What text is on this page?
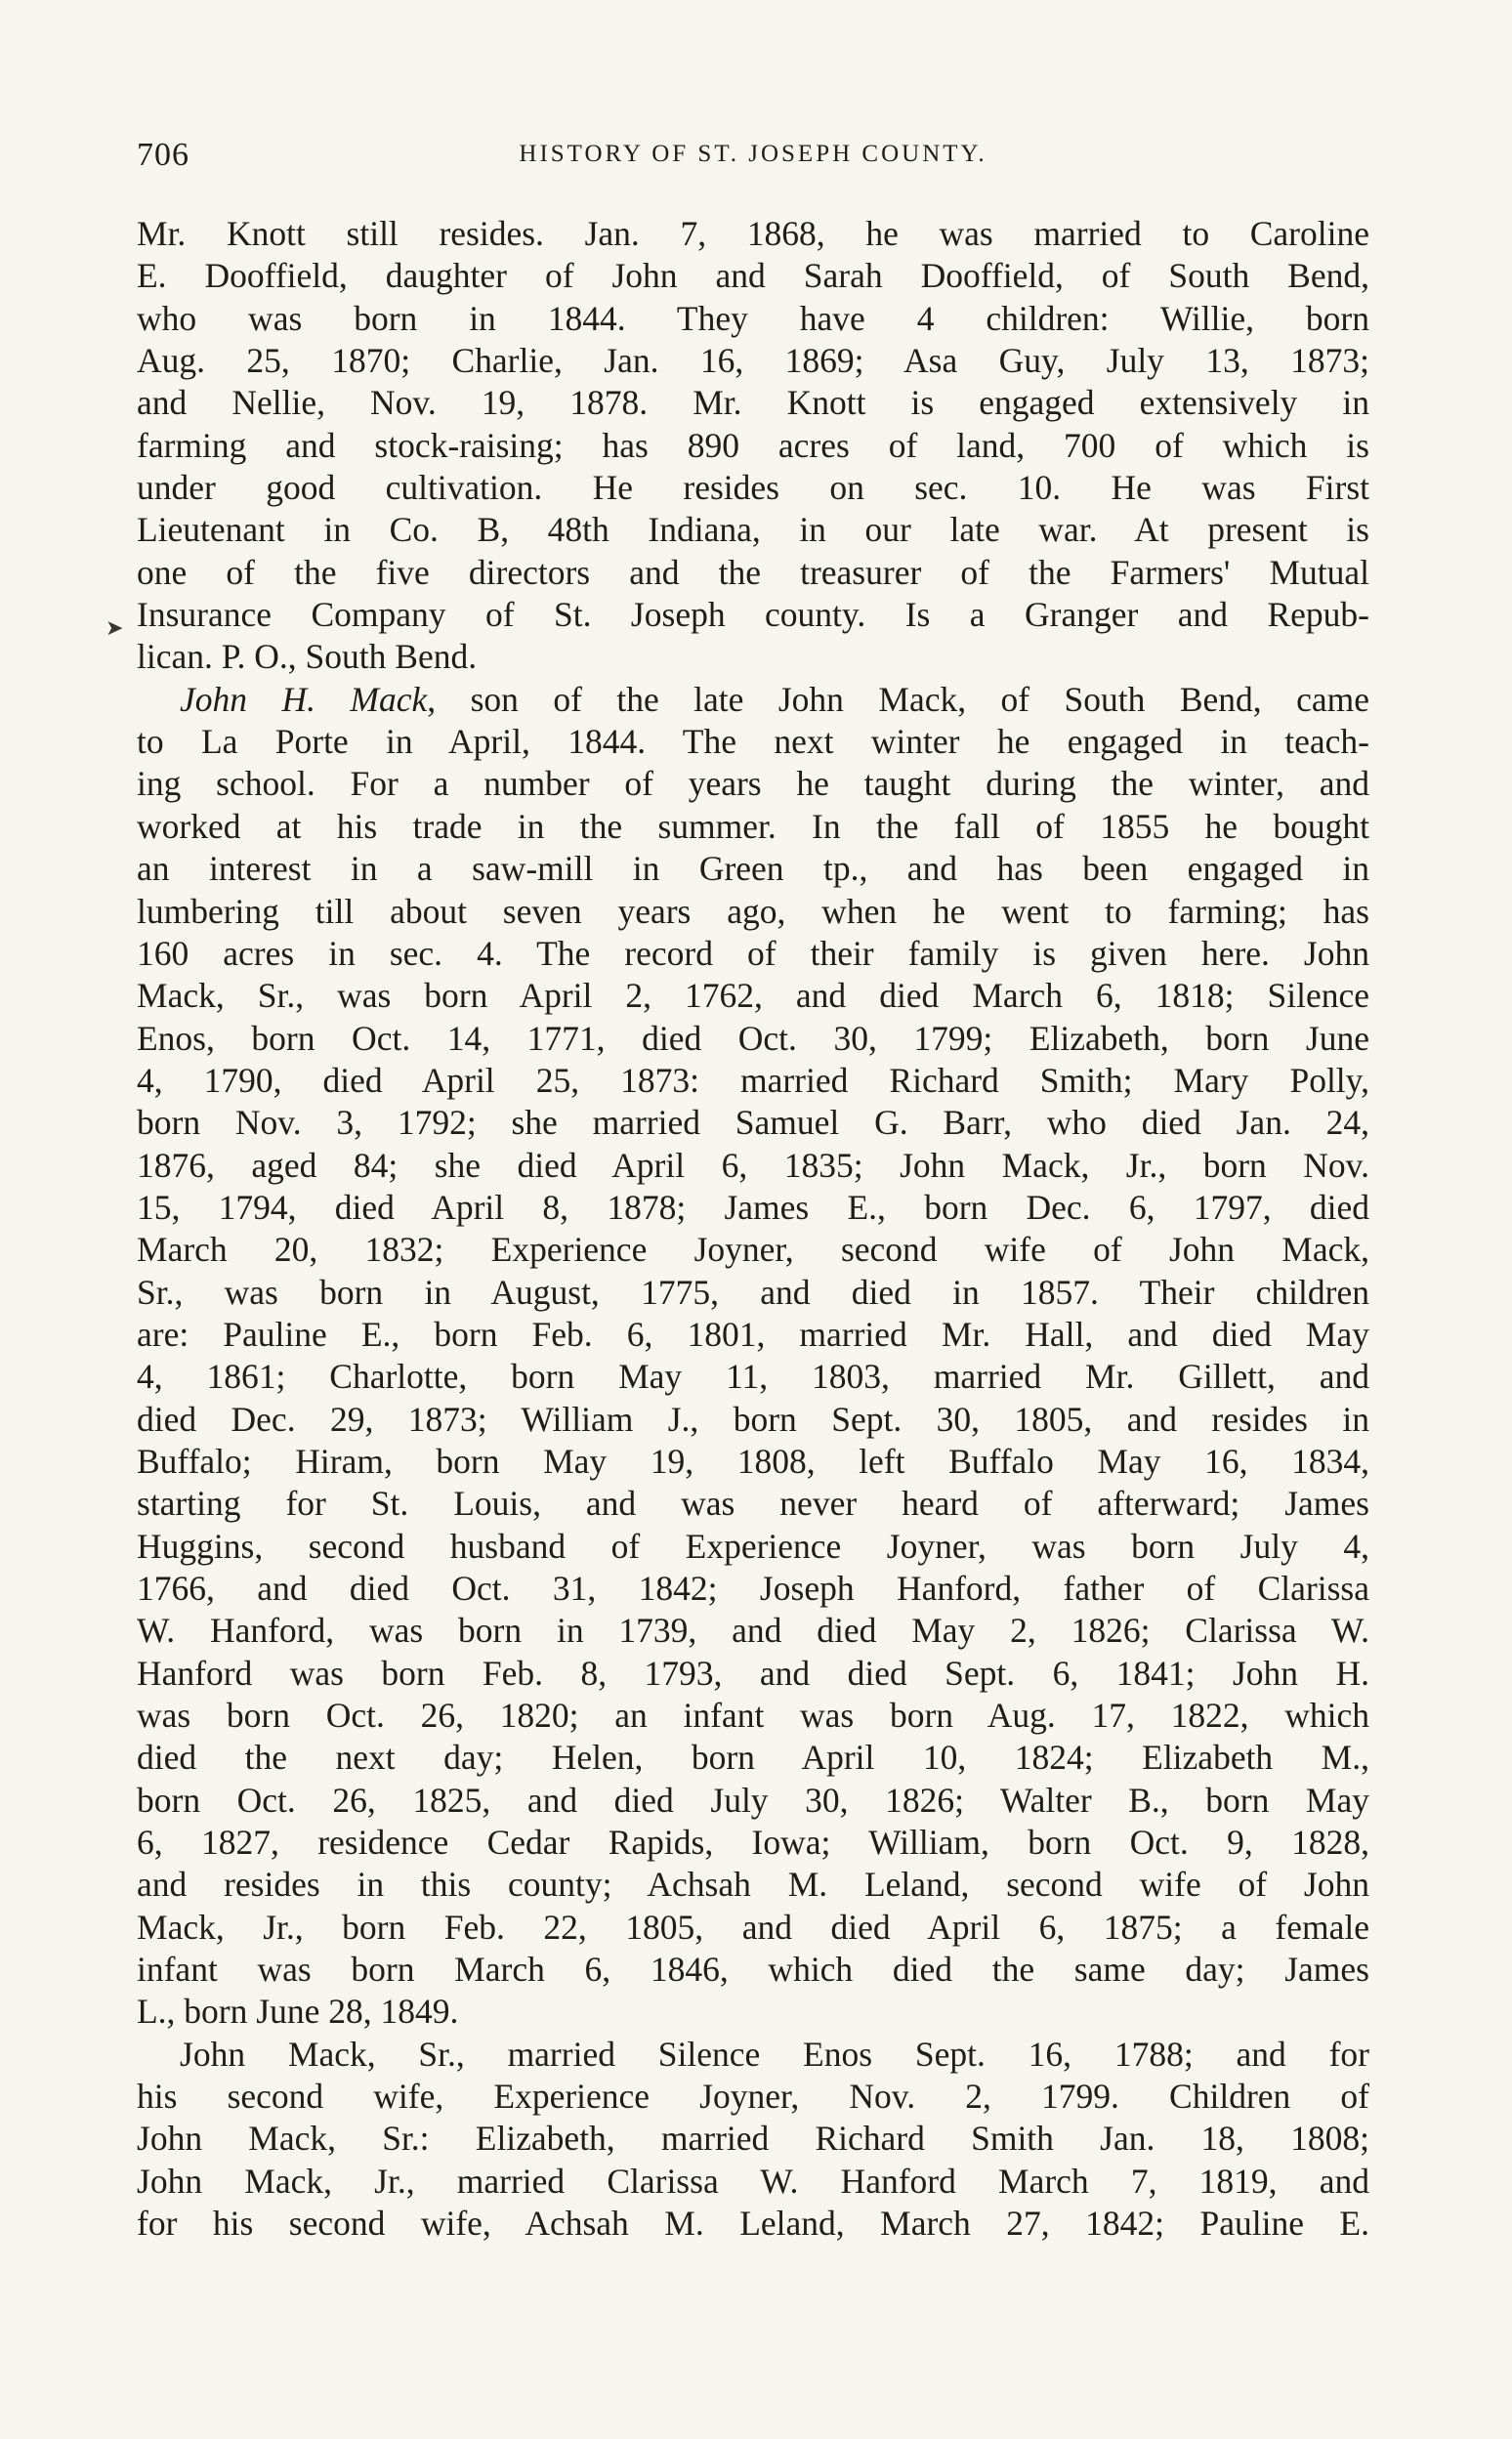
706	HISTORY OF ST. JOSEPH COUNTY.
➤
Mr. Knott still resides. Jan. 7, 1868, he was married to Caroline
E. Dooffield, daughter of John and Sarah Dooffield, of South Bend,
who was born in 1844. They have 4 children: Willie, born
Aug. 25, 1870; Charlie, Jan. 16, 1869; Asa Guy, July 13, 1873;
and Nellie, Nov. 19, 1878. Mr. Knott is engaged extensively in
farming and stock-raising; has 890 acres of land, 700 of which is
under good cultivation. He resides on sec. 10. He was First
Lieutenant in Co. B, 48th Indiana, in our late war. At present is
one of the five directors and the treasurer of the Farmers' Mutual
Insurance Company of St. Joseph county. Is a Granger and Repub-
lican. P. O., South Bend.
John H. Mack, son of the late John Mack, of South Bend, came
to La Porte in April, 1844. The next winter he engaged in teach-
ing school. For a number of years he taught during the winter, and
worked at his trade in the summer. In the fall of 1855 he bought
an interest in a saw-mill in Green tp., and has been engaged in
lumbering till about seven years ago, when he went to farming; has
160 acres in sec. 4. The record of their family is given here. John
Mack, Sr., was born April 2, 1762, and died March 6, 1818; Silence
Enos, born Oct. 14, 1771, died Oct. 30, 1799; Elizabeth, born June
4, 1790, died April 25, 1873: married Richard Smith; Mary Polly,
born Nov. 3, 1792; she married Samuel G. Barr, who died Jan. 24,
1876, aged 84; she died April 6, 1835; John Mack, Jr., born Nov.
15, 1794, died April 8, 1878; James E., born Dec. 6, 1797, died
March 20, 1832; Experience Joyner, second wife of John Mack,
Sr., was born in August, 1775, and died in 1857. Their children
are: Pauline E., born Feb. 6, 1801, married Mr. Hall, and died May
4, 1861; Charlotte, born May 11, 1803, married Mr. Gillett, and
died Dec. 29, 1873; William J., born Sept. 30, 1805, and resides in
Buffalo; Hiram, born May 19, 1808, left Buffalo May 16, 1834,
starting for St. Louis, and was never heard of afterward; James
Huggins, second husband of Experience Joyner, was born July 4,
1766, and died Oct. 31, 1842; Joseph Hanford, father of Clarissa
W. Hanford, was born in 1739, and died May 2, 1826; Clarissa W.
Hanford was born Feb. 8, 1793, and died Sept. 6, 1841; John H.
was born Oct. 26, 1820; an infant was born Aug. 17, 1822, which
died the next day; Helen, born April 10, 1824; Elizabeth M.,
born Oct. 26, 1825, and died July 30, 1826; Walter B., born May
6, 1827, residence Cedar Rapids, Iowa; William, born Oct. 9, 1828,
and resides in this county; Achsah M. Leland, second wife of John
Mack, Jr., born Feb. 22, 1805, and died April 6, 1875; a female
infant was born March 6, 1846, which died the same day; James
L., born June 28, 1849.
John Mack, Sr., married Silence Enos Sept. 16, 1788; and for
his second wife, Experience Joyner, Nov. 2, 1799. Children of
John Mack, Sr.: Elizabeth, married Richard Smith Jan. 18, 1808;
John Mack, Jr., married Clarissa W. Hanford March 7, 1819, and
for his second wife, Achsah M. Leland, March 27, 1842; Pauline E.
